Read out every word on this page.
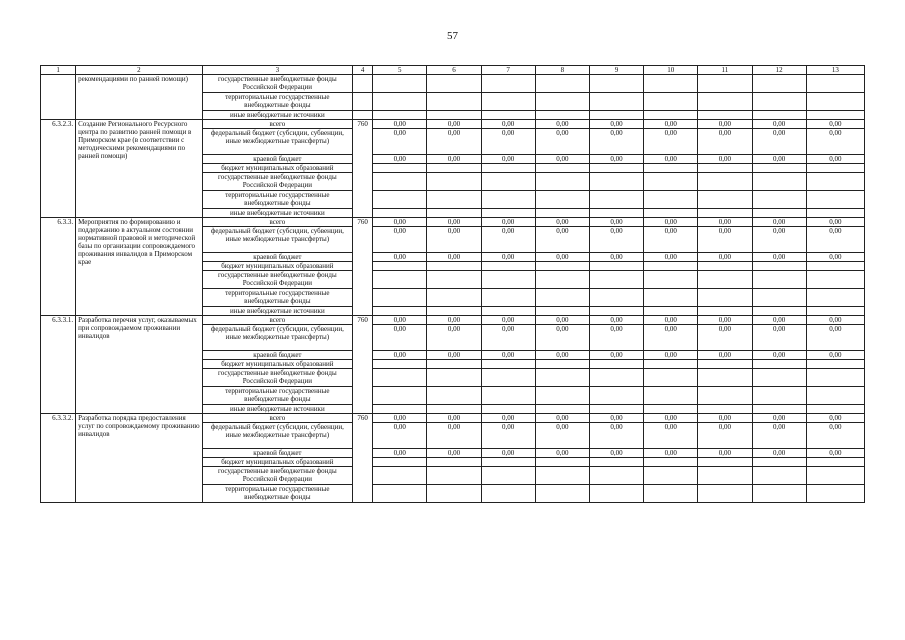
57
1	2	3	4	5	6	7	8	9	10	11	12	13
	рекомендациями по ранней помощи)	государственные внебюджетные фонды Российской Федерации										
		территориальные государственные внебюджетные фонды										
		иные внебюджетные источники										
6.3.2.3.	Создание Регионального Ресурсного центра по развитию ранней помощи в Приморском крае (в соответствии с методическими рекомендациями по ранней помощи)	всего	760	0,00	0,00	0,00	0,00	0,00	0,00	0,00	0,00	0,00
		федеральный бюджет (субсидии, субвенции, иные межбюджетные трансферты)		0,00	0,00	0,00	0,00	0,00	0,00	0,00	0,00	0,00
		краевой бюджет		0,00	0,00	0,00	0,00	0,00	0,00	0,00	0,00	0,00
		бюджет муниципальных образований										
		государственные внебюджетные фонды Российской Федерации										
		территориальные государственные внебюджетные фонды										
		иные внебюджетные источники										
6.3.3.	Мероприятия по формированию и поддержанию в актуальном состоянии нормативной правовой и методической базы по организации сопровождаемого проживания инвалидов в Приморском крае	всего	760	0,00	0,00	0,00	0,00	0,00	0,00	0,00	0,00	0,00
		федеральный бюджет (субсидии, субвенции, иные межбюджетные трансферты)		0,00	0,00	0,00	0,00	0,00	0,00	0,00	0,00	0,00
		краевой бюджет		0,00	0,00	0,00	0,00	0,00	0,00	0,00	0,00	0,00
		бюджет муниципальных образований										
		государственные внебюджетные фонды Российской Федерации										
		территориальные государственные внебюджетные фонды										
		иные внебюджетные источники										
6.3.3.1.	Разработка перечня услуг, оказываемых при сопровождаемом проживании инвалидов	всего	760	0,00	0,00	0,00	0,00	0,00	0,00	0,00	0,00	0,00
		федеральный бюджет (субсидии, субвенции, иные межбюджетные трансферты)		0,00	0,00	0,00	0,00	0,00	0,00	0,00	0,00	0,00
		краевой бюджет		0,00	0,00	0,00	0,00	0,00	0,00	0,00	0,00	0,00
		бюджет муниципальных образований										
		государственные внебюджетные фонды Российской Федерации										
		территориальные государственные внебюджетные фонды										
		иные внебюджетные источники										
6.3.3.2.	Разработка порядка предоставления услуг по сопровождаемому проживанию инвалидов	всего	760	0,00	0,00	0,00	0,00	0,00	0,00	0,00	0,00	0,00
		федеральный бюджет (субсидии, субвенции, иные межбюджетные трансферты)		0,00	0,00	0,00	0,00	0,00	0,00	0,00	0,00	0,00
		краевой бюджет		0,00	0,00	0,00	0,00	0,00	0,00	0,00	0,00	0,00
		бюджет муниципальных образований										
		государственные внебюджетные фонды Российской Федерации										
		территориальные государственные внебюджетные фонды										
